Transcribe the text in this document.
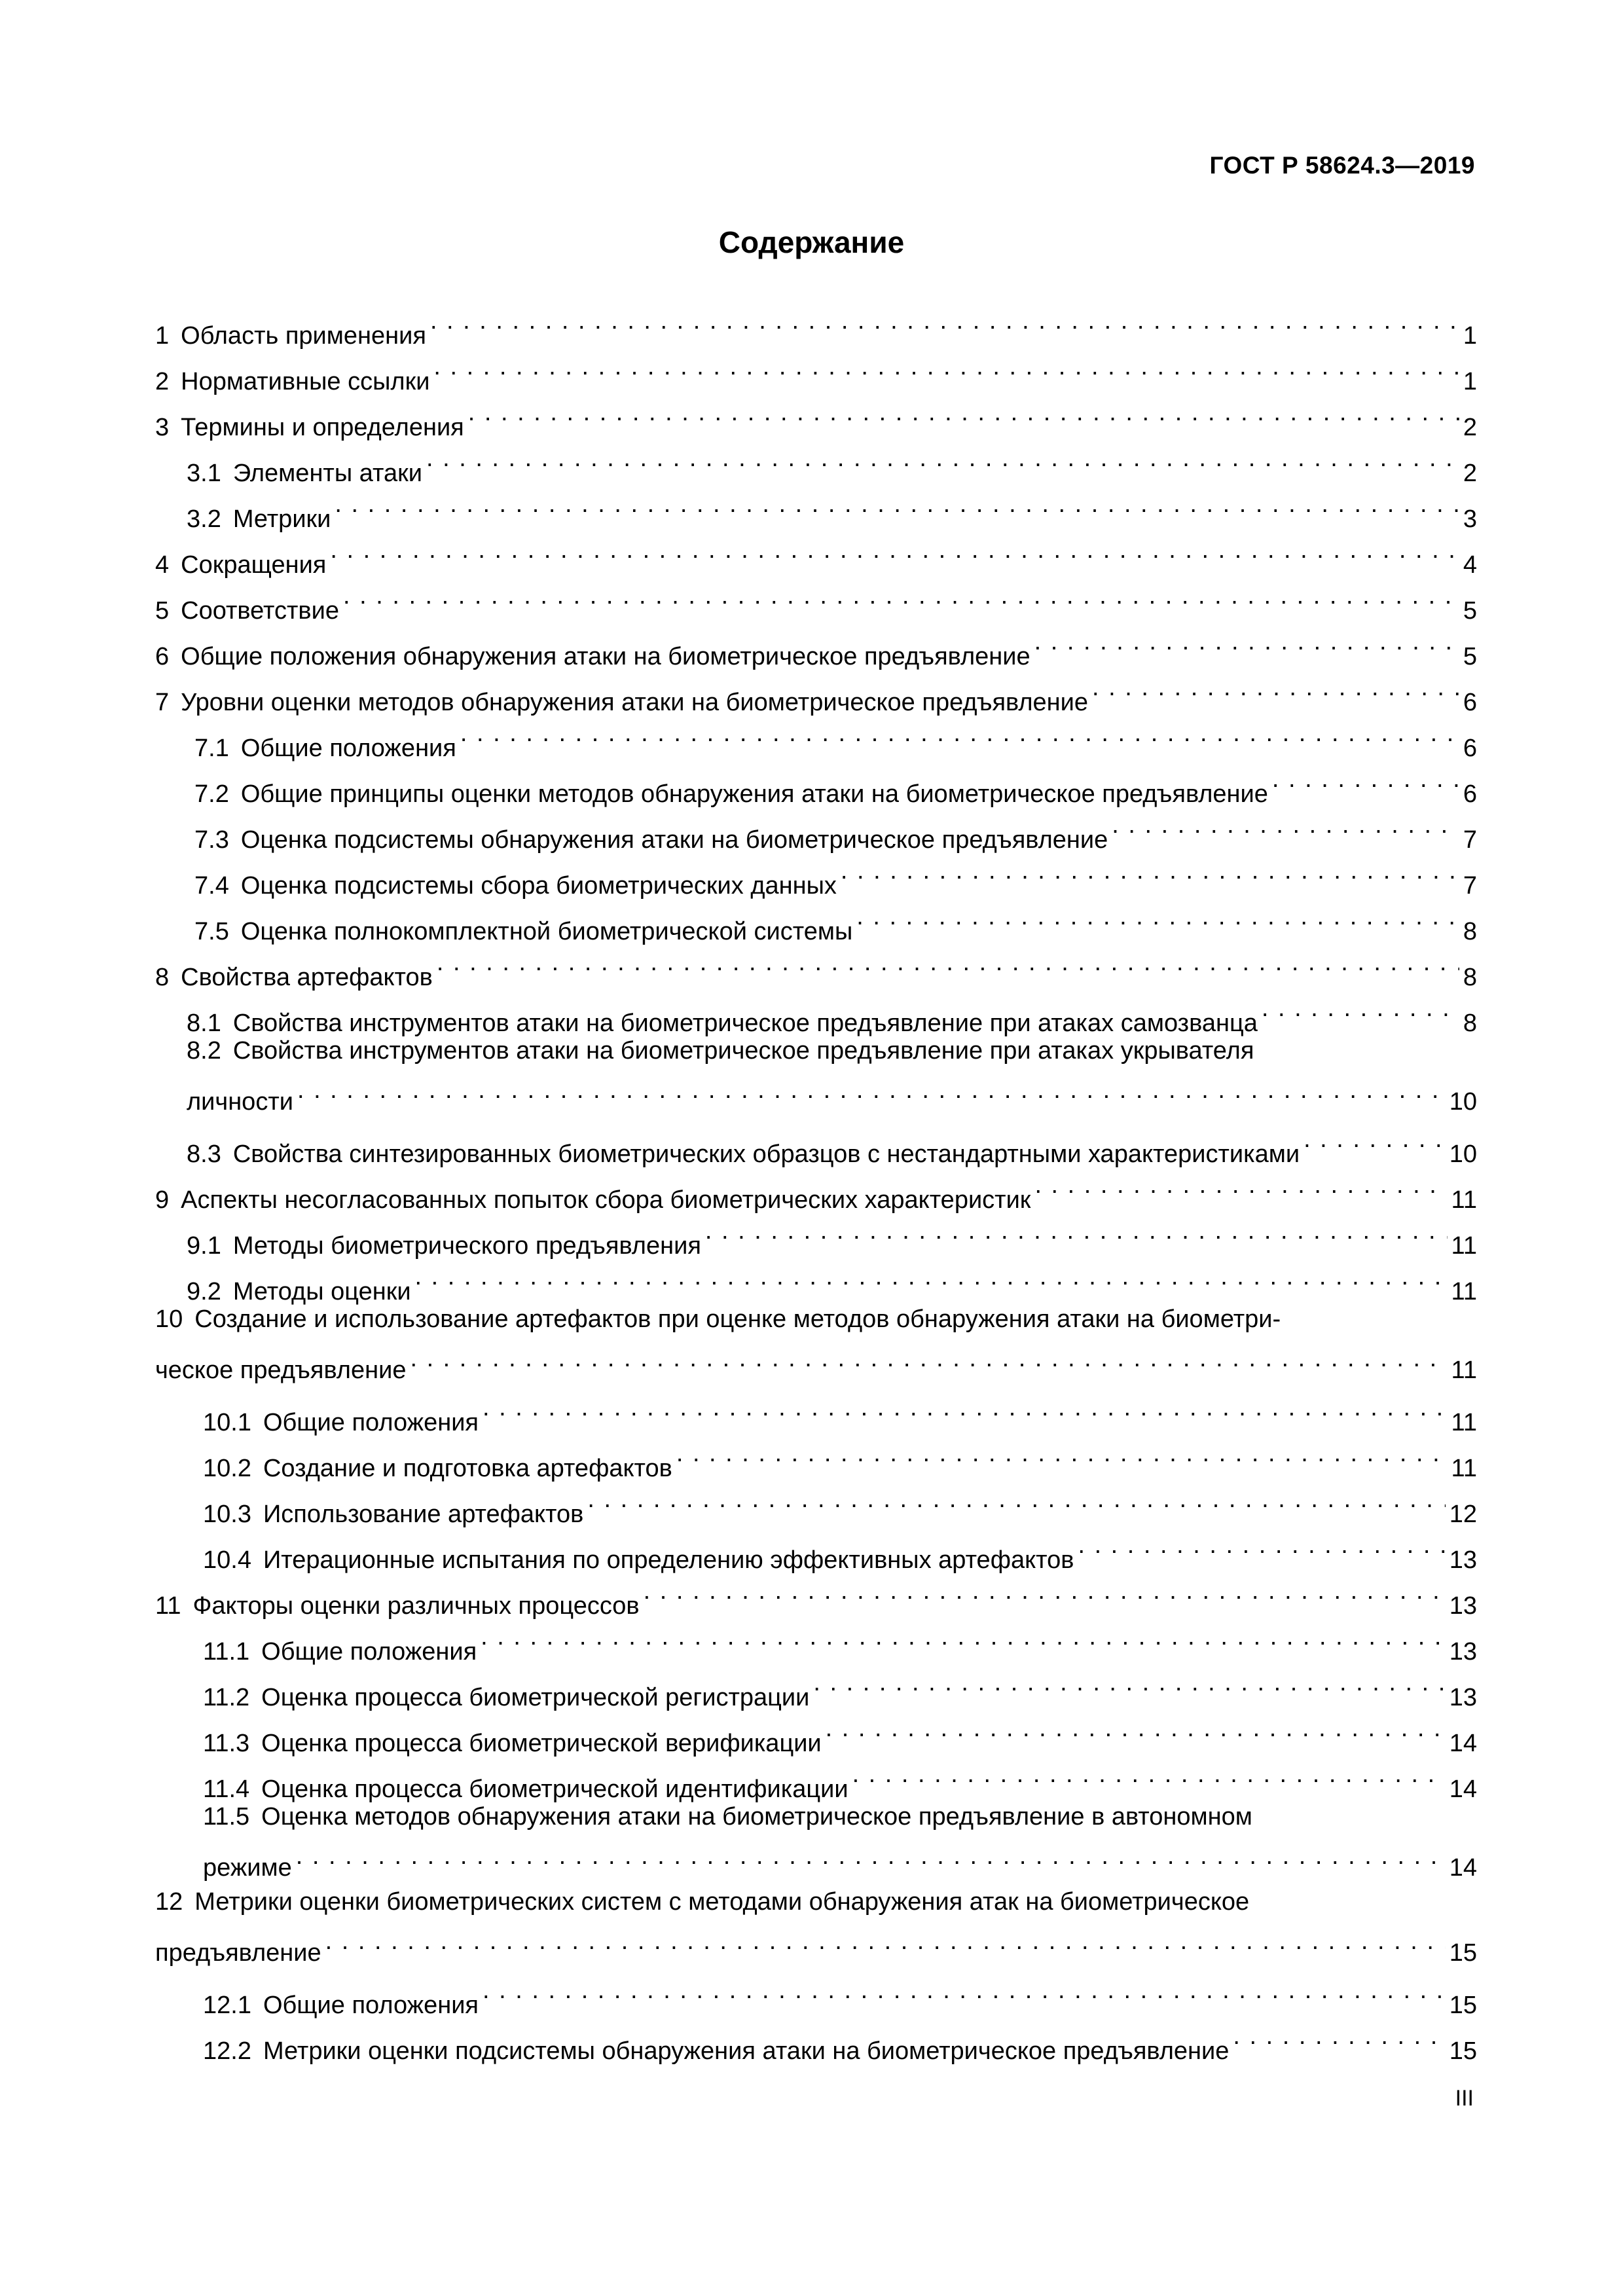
ГОСТ Р 58624.3—2019
Содержание
1 Область применения . . .	1
2 Нормативные ссылки . . .	1
3 Термины и определения . . .	2
3.1 Элементы атаки . . .	2
3.2 Метрики . . .	3
4 Сокращения . . .	4
5 Соответствие . . .	5
6 Общие положения обнаружения атаки на биометрическое предъявление . . .	5
7 Уровни оценки методов обнаружения атаки на биометрическое предъявление . . .	6
7.1 Общие положения . . .	6
7.2 Общие принципы оценки методов обнаружения атаки на биометрическое предъявление . . .	6
7.3 Оценка подсистемы обнаружения атаки на биометрическое предъявление . . .	7
7.4 Оценка подсистемы сбора биометрических данных . . .	7
7.5 Оценка полнокомплектной биометрической системы . . .	8
8 Свойства артефактов . . .	8
8.1 Свойства инструментов атаки на биометрическое предъявление при атаках самозванца . . .	8
8.2 Свойства инструментов атаки на биометрическое предъявление при атаках укрывателя
личности . . .	10
8.3 Свойства синтезированных биометрических образцов с нестандартными характеристиками . . .	10
9 Аспекты несогласованных попыток сбора биометрических характеристик . . .	11
9.1 Методы биометрического предъявления . . .	11
9.2 Методы оценки . . .	11
10 Создание и использование артефактов при оценке методов обнаружения атаки на биометри-
ческое предъявление . . .	11
10.1 Общие положения . . .	11
10.2 Создание и подготовка артефактов . . .	11
10.3 Использование артефактов . . .	12
10.4 Итерационные испытания по определению эффективных артефактов . . .	13
11 Факторы оценки различных процессов . . .	13
11.1 Общие положения . . .	13
11.2 Оценка процесса биометрической регистрации . . .	13
11.3 Оценка процесса биометрической верификации . . .	14
11.4 Оценка процесса биометрической идентификации . . .	14
11.5 Оценка методов обнаружения атаки на биометрическое предъявление в автономном
режиме . . .	14
12 Метрики оценки биометрических систем с методами обнаружения атак на биометрическое
предъявление . . .	15
12.1 Общие положения . . .	15
12.2 Метрики оценки подсистемы обнаружения атаки на биометрическое предъявление . . .	15
III
